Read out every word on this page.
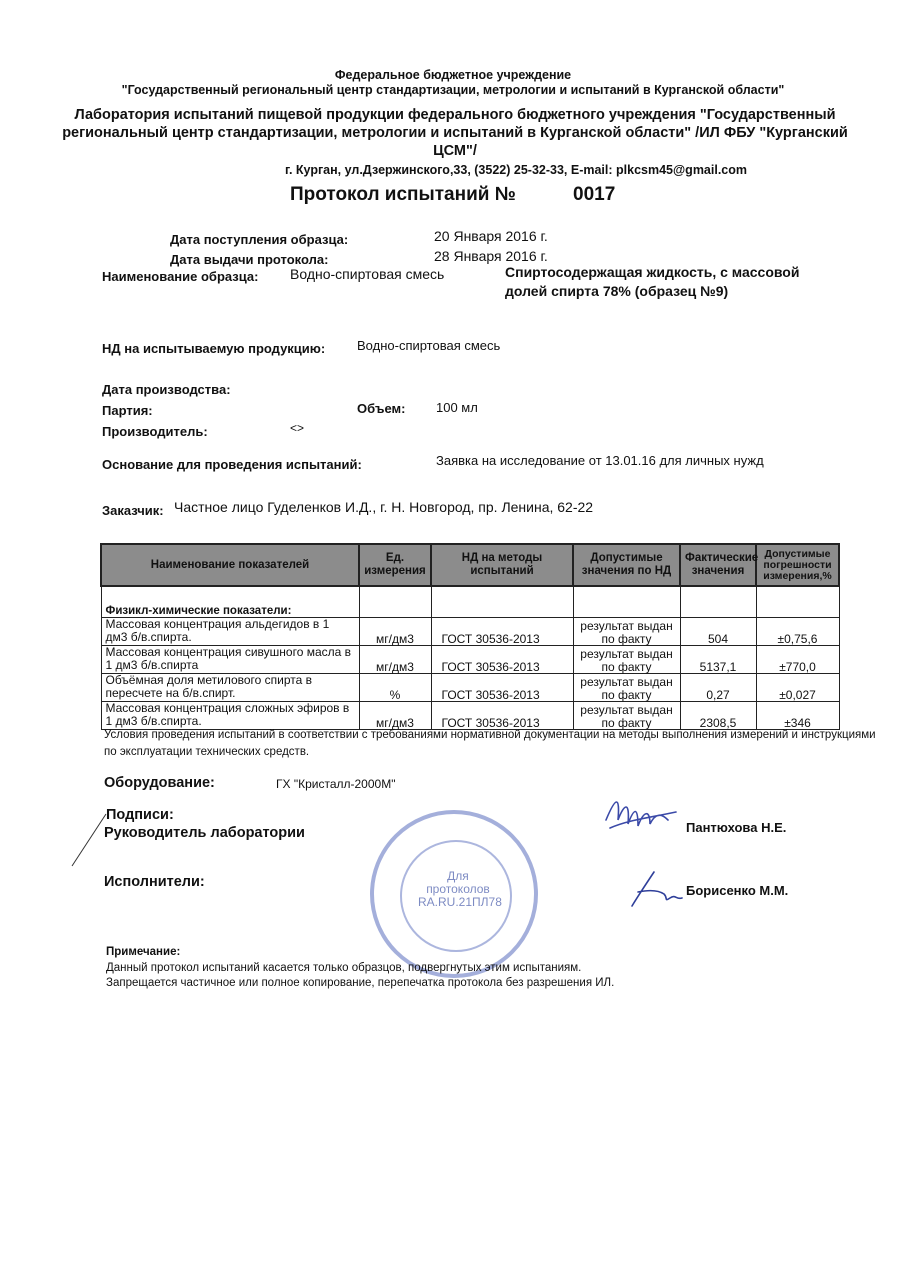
Федеральное бюджетное учреждение
"Государственный региональный центр стандартизации, метрологии и испытаний в Курганской области"
Лаборатория испытаний пищевой продукции федерального бюджетного учреждения "Государственный региональный центр стандартизации, метрологии и испытаний в Курганской области" /ИЛ ФБУ "Курганский ЦСМ"/
г. Курган, ул.Дзержинского,33, (3522) 25-32-33, E-mail: plkcsm45@gmail.com
Протокол испытаний №	0017
Дата поступления образца:	20 Января 2016 г.
Дата выдачи протокола:	28 Января 2016 г.
Наименование образца: Водно-спиртовая смесь	Спиртосодержащая жидкость, с массовой долей спирта 78% (образец №9)
НД на испытываемую продукцию: Водно-спиртовая смесь
Дата производства:
Партия:	Объем: 100 мл
Производитель:	<>
Основание для проведения испытаний:	Заявка на исследование от 13.01.16 для личных нужд
Заказчик: Частное лицо Гуделенков И.Д., г. Н. Новгород, пр. Ленина, 62-22
Наименование показателей	Ед. измерения	НД на методы испытаний	Допустимые значения по НД	Фактические значения	Допустимые погрешности измерения,%
Физикл-химические показатели:					
Массовая концентрация альдегидов в 1 дм3 б/в.спирта.	мг/дм3	ГОСТ 30536-2013	результат выдан по факту	504	±0,75,6
Массовая концентрация сивушного масла в 1 дм3 б/в.спирта	мг/дм3	ГОСТ 30536-2013	результат выдан по факту	5137,1	±770,0
Объёмная доля метилового спирта в пересчете на б/в.спирт.	%	ГОСТ 30536-2013	результат выдан по факту	0,27	±0,027
Массовая концентрация сложных эфиров в 1 дм3 б/в.спирта.	мг/дм3	ГОСТ 30536-2013	результат выдан по факту	2308,5	±346
Условия проведения испытаний в соответствии с требованиями нормативной документации на методы выполнения измерений и инструкциями по эксплуатации технических средств.
Оборудование:	ГХ "Кристалл-2000М"
Подписи:
Руководитель лаборатории
Исполнители:
Пантюхова Н.Е.
Борисенко М.М.
Для протоколов RA.RU.21ПЛ78
Примечание:
Данный протокол испытаний касается только образцов, подвергнутых этим испытаниям.
Запрещается частичное или полное копирование, перепечатка протокола без разрешения ИЛ.
